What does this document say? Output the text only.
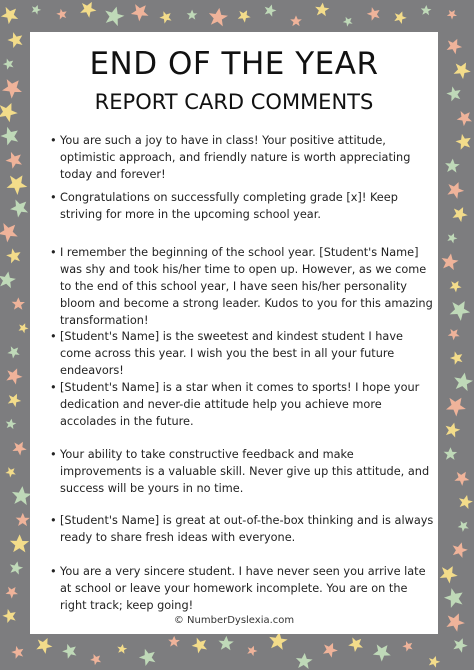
END OF THE YEAR
REPORT CARD COMMENTS
• You are such a joy to have in class! Your positive attitude, optimistic approach, and friendly nature is worth appreciating today and forever!
• Congratulations on successfully completing grade [x]! Keep striving for more in the upcoming school year.
• I remember the beginning of the school year. [Student's Name] was shy and took his/her time to open up. However, as we come to the end of this school year, I have seen his/her personality bloom and become a strong leader. Kudos to you for this amazing transformation!
• [Student's Name] is the sweetest and kindest student I have come across this year. I wish you the best in all your future endeavors!
• [Student's Name] is a star when it comes to sports! I hope your dedication and never-die attitude help you achieve more accolades in the future.
• Your ability to take constructive feedback and make improvements is a valuable skill. Never give up this attitude, and success will be yours in no time.
• [Student's Name] is great at out-of-the-box thinking and is always ready to share fresh ideas with everyone.
• You are a very sincere student. I have never seen you arrive late at school or leave your homework incomplete. You are on the right track; keep going!
© NumberDyslexia.com
